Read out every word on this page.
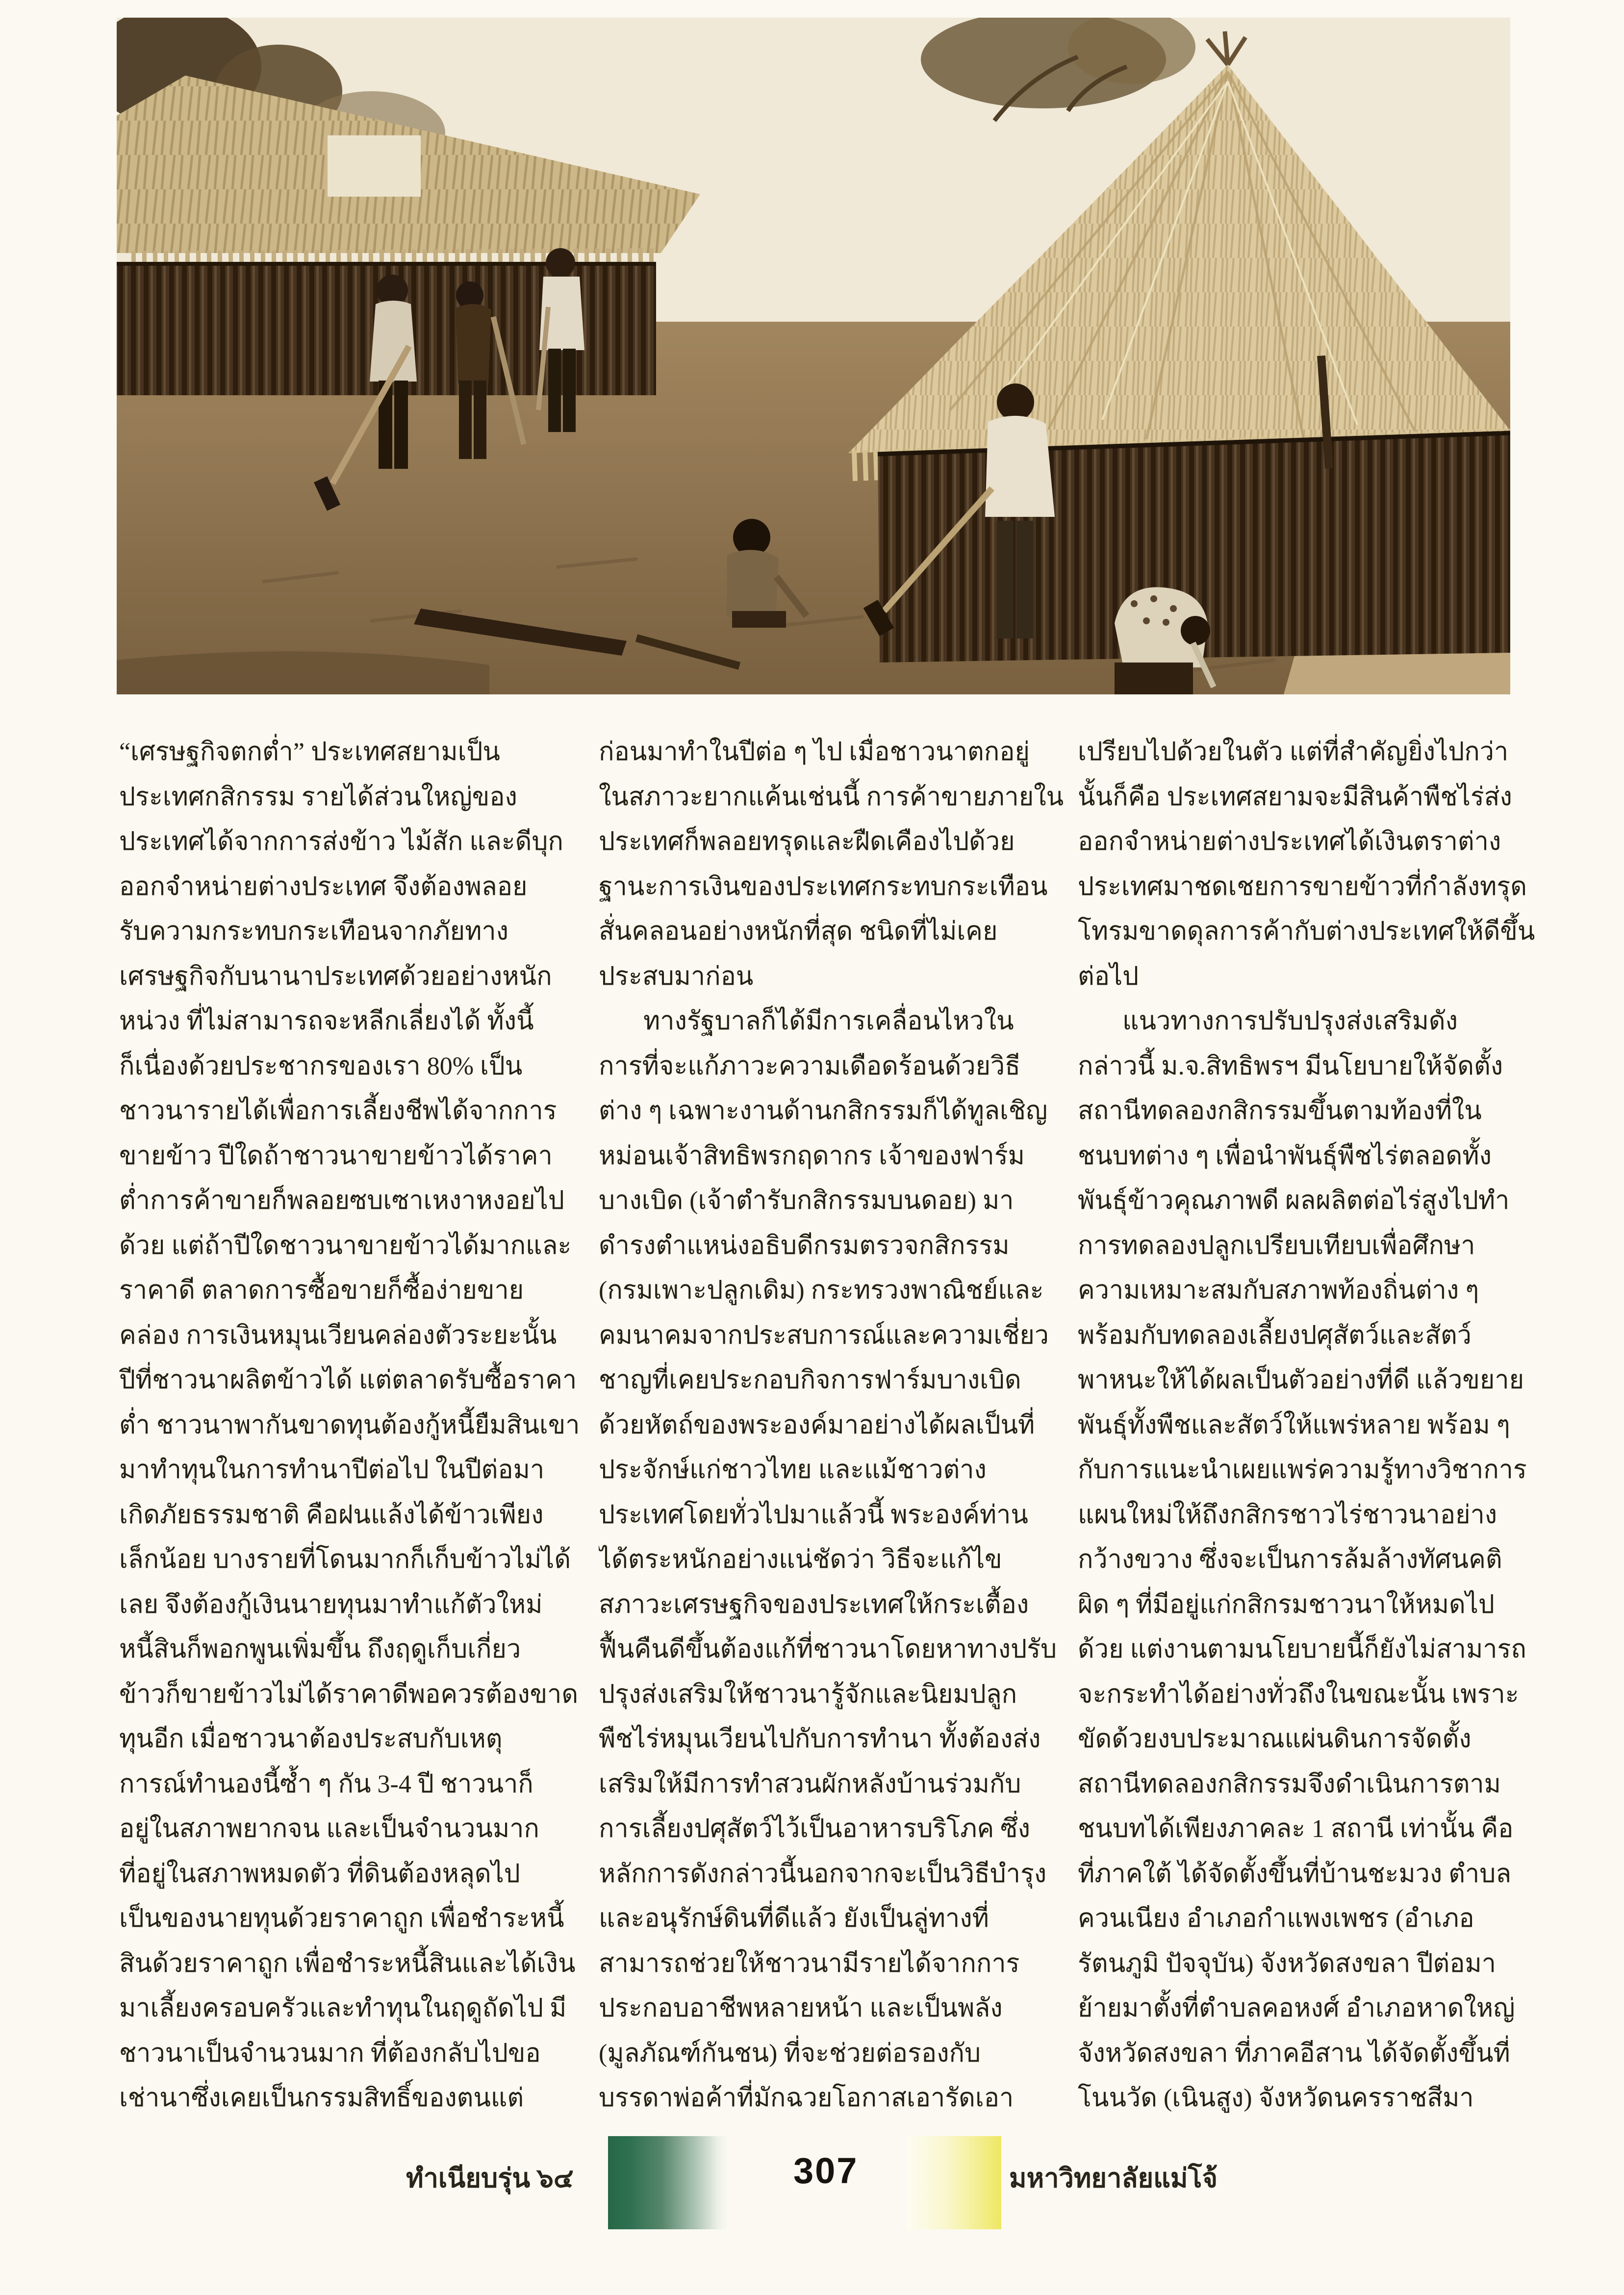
“เศรษฐกิจตกต่ำ” ประเทศสยามเป็น
ประเทศกสิกรรม รายได้ส่วนใหญ่ของ
ประเทศได้จากการส่งข้าว ไม้สัก และดีบุก
ออกจำหน่ายต่างประเทศ จึงต้องพลอย
รับความกระทบกระเทือนจากภัยทาง
เศรษฐกิจกับนานาประเทศด้วยอย่างหนัก
หน่วง ที่ไม่สามารถจะหลีกเลี่ยงได้ ทั้งนี้
ก็เนื่องด้วยประชากรของเรา 80% เป็น
ชาวนารายได้เพื่อการเลี้ยงชีพได้จากการ
ขายข้าว ปีใดถ้าชาวนาขายข้าวได้ราคา
ต่ำการค้าขายก็พลอยซบเซาเหงาหงอยไป
ด้วย แต่ถ้าปีใดชาวนาขายข้าวได้มากและ
ราคาดี ตลาดการซื้อขายก็ซื้อง่ายขาย
คล่อง การเงินหมุนเวียนคล่องตัวระยะนั้น
ปีที่ชาวนาผลิตข้าวได้ แต่ตลาดรับซื้อราคา
ต่ำ ชาวนาพากันขาดทุนต้องกู้หนี้ยืมสินเขา
มาทำทุนในการทำนาปีต่อไป ในปีต่อมา
เกิดภัยธรรมชาติ คือฝนแล้งได้ข้าวเพียง
เล็กน้อย บางรายที่โดนมากก็เก็บข้าวไม่ได้
เลย จึงต้องกู้เงินนายทุนมาทำแก้ตัวใหม่
หนี้สินก็พอกพูนเพิ่มขึ้น ถึงฤดูเก็บเกี่ยว
ข้าวก็ขายข้าวไม่ได้ราคาดีพอควรต้องขาด
ทุนอีก เมื่อชาวนาต้องประสบกับเหตุ
การณ์ทำนองนี้ซ้ำ ๆ กัน 3-4 ปี ชาวนาก็
อยู่ในสภาพยากจน และเป็นจำนวนมาก
ที่อยู่ในสภาพหมดตัว ที่ดินต้องหลุดไป
เป็นของนายทุนด้วยราคาถูก เพื่อชำระหนี้
สินด้วยราคาถูก เพื่อชำระหนี้สินและได้เงิน
มาเลี้ยงครอบครัวและทำทุนในฤดูถัดไป มี
ชาวนาเป็นจำนวนมาก ที่ต้องกลับไปขอ
เช่านาซึ่งเคยเป็นกรรมสิทธิ์ของตนแต่
ก่อนมาทำในปีต่อ ๆ ไป เมื่อชาวนาตกอยู่
ในสภาวะยากแค้นเช่นนี้ การค้าขายภายใน
ประเทศก็พลอยทรุดและฝืดเคืองไปด้วย
ฐานะการเงินของประเทศกระทบกระเทือน
สั่นคลอนอย่างหนักที่สุด ชนิดที่ไม่เคย
ประสบมาก่อน
ทางรัฐบาลก็ได้มีการเคลื่อนไหวใน
การที่จะแก้ภาวะความเดือดร้อนด้วยวิธี
ต่าง ๆ เฉพาะงานด้านกสิกรรมก็ได้ทูลเชิญ
หม่อนเจ้าสิทธิพรกฤดากร เจ้าของฟาร์ม
บางเบิด (เจ้าตำรับกสิกรรมบนดอย) มา
ดำรงตำแหน่งอธิบดีกรมตรวจกสิกรรม
(กรมเพาะปลูกเดิม) กระทรวงพาณิชย์และ
คมนาคมจากประสบการณ์และความเชี่ยว
ชาญที่เคยประกอบกิจการฟาร์มบางเบิด
ด้วยหัตถ์ของพระองค์มาอย่างได้ผลเป็นที่
ประจักษ์แก่ชาวไทย และแม้ชาวต่าง
ประเทศโดยทั่วไปมาแล้วนี้ พระองค์ท่าน
ได้ตระหนักอย่างแน่ชัดว่า วิธีจะแก้ไข
สภาวะเศรษฐกิจของประเทศให้กระเตื้อง
ฟื้นคืนดีขึ้นต้องแก้ที่ชาวนาโดยหาทางปรับ
ปรุงส่งเสริมให้ชาวนารู้จักและนิยมปลูก
พืชไร่หมุนเวียนไปกับการทำนา ทั้งต้องส่ง
เสริมให้มีการทำสวนผักหลังบ้านร่วมกับ
การเลี้ยงปศุสัตว์ไว้เป็นอาหารบริโภค ซึ่ง
หลักการดังกล่าวนี้นอกจากจะเป็นวิธีบำรุง
และอนุรักษ์ดินที่ดีแล้ว ยังเป็นลู่ทางที่
สามารถช่วยให้ชาวนามีรายได้จากการ
ประกอบอาชีพหลายหน้า และเป็นพลัง
(มูลภัณฑ์กันชน) ที่จะช่วยต่อรองกับ
บรรดาพ่อค้าที่มักฉวยโอกาสเอารัดเอา
เปรียบไปด้วยในตัว แต่ที่สำคัญยิ่งไปกว่า
นั้นก็คือ ประเทศสยามจะมีสินค้าพืชไร่ส่ง
ออกจำหน่ายต่างประเทศได้เงินตราต่าง
ประเทศมาชดเชยการขายข้าวที่กำลังทรุด
โทรมขาดดุลการค้ากับต่างประเทศให้ดีขึ้น
ต่อไป
แนวทางการปรับปรุงส่งเสริมดัง
กล่าวนี้ ม.จ.สิทธิพรฯ มีนโยบายให้จัดตั้ง
สถานีทดลองกสิกรรมขึ้นตามท้องที่ใน
ชนบทต่าง ๆ เพื่อนำพันธุ์พืชไร่ตลอดทั้ง
พันธุ์ข้าวคุณภาพดี ผลผลิตต่อไร่สูงไปทำ
การทดลองปลูกเปรียบเทียบเพื่อศึกษา
ความเหมาะสมกับสภาพท้องถิ่นต่าง ๆ
พร้อมกับทดลองเลี้ยงปศุสัตว์และสัตว์
พาหนะให้ได้ผลเป็นตัวอย่างที่ดี แล้วขยาย
พันธุ์ทั้งพืชและสัตว์ให้แพร่หลาย พร้อม ๆ
กับการแนะนำเผยแพร่ความรู้ทางวิชาการ
แผนใหม่ให้ถึงกสิกรชาวไร่ชาวนาอย่าง
กว้างขวาง ซึ่งจะเป็นการล้มล้างทัศนคติ
ผิด ๆ ที่มีอยู่แก่กสิกรมชาวนาให้หมดไป
ด้วย แต่งานตามนโยบายนี้ก็ยังไม่สามารถ
จะกระทำได้อย่างทั่วถึงในขณะนั้น เพราะ
ขัดด้วยงบประมาณแผ่นดินการจัดตั้ง
สถานีทดลองกสิกรรมจึงดำเนินการตาม
ชนบทได้เพียงภาคละ 1 สถานี เท่านั้น คือ
ที่ภาคใต้ ได้จัดตั้งขึ้นที่บ้านชะมวง ตำบล
ควนเนียง อำเภอกำแพงเพชร (อำเภอ
รัตนภูมิ ปัจจุบัน) จังหวัดสงขลา ปีต่อมา
ย้ายมาตั้งที่ตำบลคอหงศ์ อำเภอหาดใหญ่
จังหวัดสงขลา ที่ภาคอีสาน ได้จัดตั้งขึ้นที่
โนนวัด (เนินสูง) จังหวัดนครราชสีมา
ทำเนียบรุ่น ๖๔	307	มหาวิทยาลัยแม่โจ้
